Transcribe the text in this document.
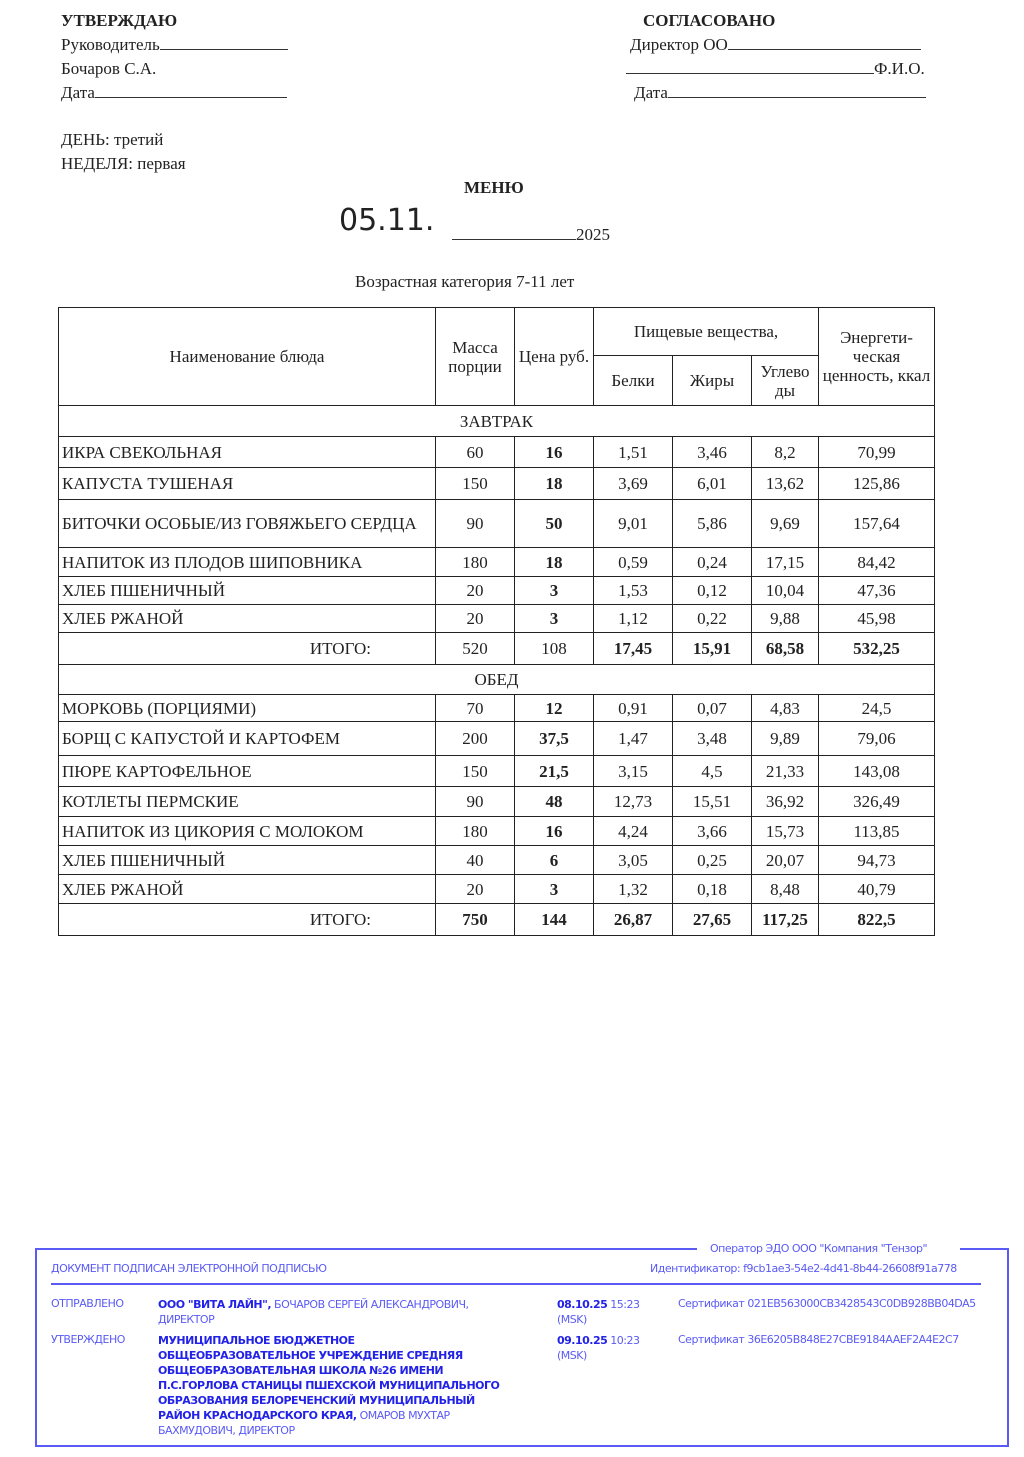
УТВЕРЖДАЮ
Руководитель
Бочаров С.А.
Дата
СОГЛАСОВАНО
Директор ОО
Ф.И.О.
Дата
ДЕНЬ: третий
НЕДЕЛЯ: первая
МЕНЮ
05.11.	2025
Возрастная категория 7-11 лет
Наименование блюда	Масса порции	Цена руб.	Пищевые вещества,			Энергети-ческая ценность, ккал
			Белки	Жиры	Углево ды	
ЗАВТРАК						
ИКРА СВЕКОЛЬНАЯ	60	16	1,51	3,46	8,2	70,99
КАПУСТА ТУШЕНАЯ	150	18	3,69	6,01	13,62	125,86
БИТОЧКИ ОСОБЫЕ/ИЗ ГОВЯЖЬЕГО СЕРДЦА	90	50	9,01	5,86	9,69	157,64
НАПИТОК ИЗ ПЛОДОВ ШИПОВНИКА	180	18	0,59	0,24	17,15	84,42
ХЛЕБ ПШЕНИЧНЫЙ	20	3	1,53	0,12	10,04	47,36
ХЛЕБ РЖАНОЙ	20	3	1,12	0,22	9,88	45,98
ИТОГО:	520	108	17,45	15,91	68,58	532,25
ОБЕД						
МОРКОВЬ (ПОРЦИЯМИ)	70	12	0,91	0,07	4,83	24,5
БОРЩ С КАПУСТОЙ И КАРТОФЕМ	200	37,5	1,47	3,48	9,89	79,06
ПЮРЕ КАРТОФЕЛЬНОЕ	150	21,5	3,15	4,5	21,33	143,08
КОТЛЕТЫ ПЕРМСКИЕ	90	48	12,73	15,51	36,92	326,49
НАПИТОК ИЗ ЦИКОРИЯ С МОЛОКОМ	180	16	4,24	3,66	15,73	113,85
ХЛЕБ ПШЕНИЧНЫЙ	40	6	3,05	0,25	20,07	94,73
ХЛЕБ РЖАНОЙ	20	3	1,32	0,18	8,48	40,79
ИТОГО:	750	144	26,87	27,65	117,25	822,5
Оператор ЭДО ООО "Компания "Тензор"
ДОКУМЕНТ ПОДПИСАН ЭЛЕКТРОННОЙ ПОДПИСЬЮ	Идентификатор: f9cb1ae3-54e2-4d41-8b44-26608f91a778
ОТПРАВЛЕНО	ООО "ВИТА ЛАЙН", БОЧАРОВ СЕРГЕЙ АЛЕКСАНДРОВИЧ,
ДИРЕКТОР
08.10.25 15:23
(MSK)
Сертификат 021EB563000CB3428543C0DB928BB04DA5
УТВЕРЖДЕНО	МУНИЦИПАЛЬНОЕ БЮДЖЕТНОЕ
ОБЩЕОБРАЗОВАТЕЛЬНОЕ УЧРЕЖДЕНИЕ СРЕДНЯЯ
ОБЩЕОБРАЗОВАТЕЛЬНАЯ ШКОЛА №26 ИМЕНИ
П.С.ГОРЛОВА СТАНИЦЫ ПШЕХСКОЙ МУНИЦИПАЛЬНОГО
ОБРАЗОВАНИЯ БЕЛОРЕЧЕНСКИЙ МУНИЦИПАЛЬНЫЙ
РАЙОН КРАСНОДАРСКОГО КРАЯ, ОМАРОВ МУХТАР
БАХМУДОВИЧ, ДИРЕКТОР
09.10.25 10:23
(MSK)
Сертификат 36E6205B848E27CBE9184AAEF2A4E2C7
